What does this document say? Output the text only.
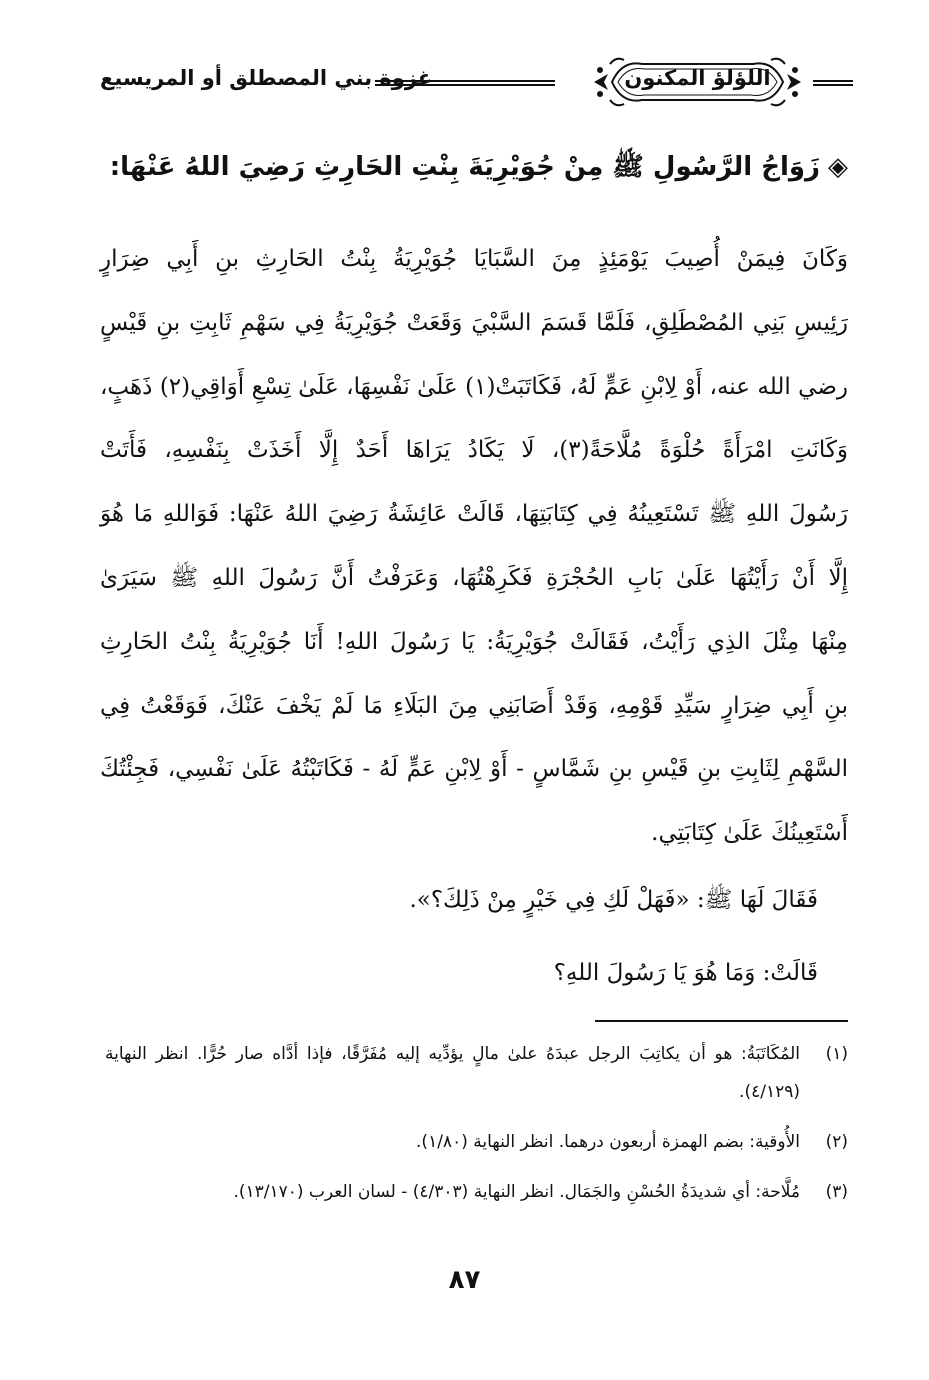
غزوة بني المصطلق أو المريسيع	اللؤلؤ المكنون
◈زَوَاجُ الرَّسُولِ ﷺ مِنْ جُوَيْرِيَةَ بِنْتِ الحَارِثِ رَضِيَ اللهُ عَنْهَا:
وَكَانَ فِيمَنْ أُصِيبَ يَوْمَئِذٍ مِنَ السَّبَايَا جُوَيْرِيَةُ بِنْتُ الحَارِثِ بنِ أَبِي ضِرَارٍ
رَئِيسِ بَنِي المُصْطَلِقِ، فَلَمَّا قَسَمَ السَّبْيَ وَقَعَتْ جُوَيْرِيَةُ فِي سَهْمِ ثَابِتِ بنِ قَيْسٍ
رضي الله عنه، أَوْ لِابْنِ عَمٍّ لَهُ، فَكَاتَبَتْ(١) عَلَىٰ نَفْسِهَا، عَلَىٰ تِسْعِ أَوَاقِي(٢) ذَهَبٍ،
وَكَانَتِ امْرَأَةً حُلْوَةً مُلَّاحَةً(٣)، لَا يَكَادُ يَرَاهَا أَحَدٌ إِلَّا أَخَذَتْ بِنَفْسِهِ، فَأَتَتْ
رَسُولَ اللهِ ﷺ تَسْتَعِينُهُ فِي كِتَابَتِهَا، قَالَتْ عَائِشَةُ رَضِيَ اللهُ عَنْهَا: فَوَاللهِ مَا هُوَ
إِلَّا أَنْ رَأَيْتُهَا عَلَىٰ بَابِ الحُجْرَةِ فَكَرِهْتُهَا، وَعَرَفْتُ أَنَّ رَسُولَ اللهِ ﷺ سَيَرَىٰ
مِنْهَا مِثْلَ الذِي رَأَيْتُ، فَقَالَتْ جُوَيْرِيَةُ: يَا رَسُولَ اللهِ! أَنَا جُوَيْرِيَةُ بِنْتُ الحَارِثِ
بنِ أَبِي ضِرَارٍ سَيِّدِ قَوْمِهِ، وَقَدْ أَصَابَنِي مِنَ البَلَاءِ مَا لَمْ يَخْفَ عَنْكَ، فَوَقَعْتُ فِي
السَّهْمِ لِثَابِتِ بنِ قَيْسِ بنِ شَمَّاسٍ - أَوْ لِابْنِ عَمٍّ لَهُ - فَكَاتَبْتُهُ عَلَىٰ نَفْسِي، فَجِئْتُكَ
أَسْتَعِينُكَ عَلَىٰ كِتَابَتِي.
فَقَالَ لَهَا ﷺ: «فَهَلْ لَكِ فِي خَيْرٍ مِنْ ذَلِكَ؟».
قَالَتْ: وَمَا هُوَ يَا رَسُولَ اللهِ؟
(١)
المُكَاتَبَةُ: هو أن يكاتِبَ الرجل عبدَهُ علىٰ مالٍ يؤدِّيه إليه مُفَرَّقًا، فإذا أدَّاه صار حُرًّا. انظر النهاية (٤/١٢٩).
(٢)
الأُوقية: بضم الهمزة أربعون درهما. انظر النهاية (١/٨٠).
(٣)
مُلَّاحة: أي شديدَةُ الحُسْنِ والجَمَال. انظر النهاية (٤/٣٠٣) - لسان العرب (١٣/١٧٠).
٨٧
